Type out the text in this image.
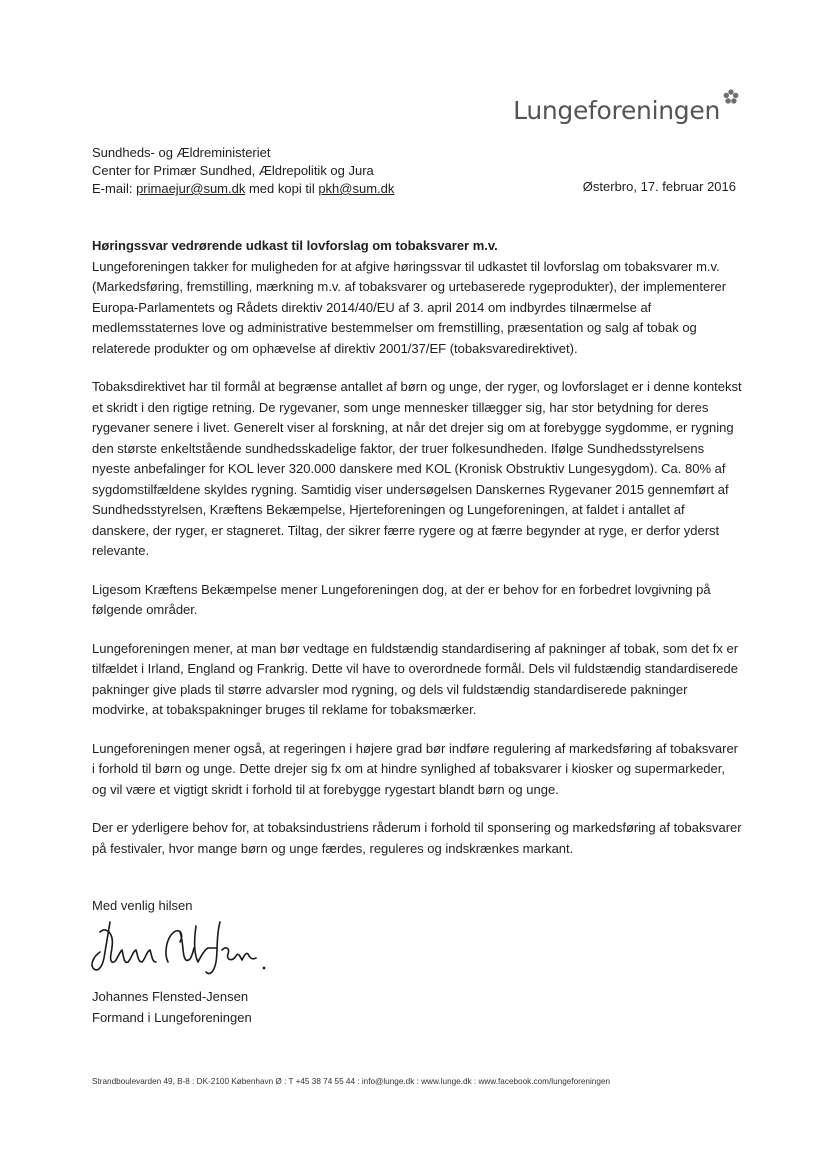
Lungeforeningen
Sundheds- og Ældreministeriet
Center for Primær Sundhed, Ældrepolitik og Jura
E-mail: primaejur@sum.dk med kopi til pkh@sum.dk	Østerbro, 17. februar 2016

Høringssvar vedrørende udkast til lovforslag om tobaksvarer m.v.

Lungeforeningen takker for muligheden for at afgive høringssvar til udkastet til lovforslag om tobaksvarer m.v. (Markedsføring, fremstilling, mærkning m.v. af tobaksvarer og urtebaserede rygeprodukter), der implementerer Europa-Parlamentets og Rådets direktiv 2014/40/EU af 3. april 2014 om indbyrdes tilnærmelse af medlemsstaternes love og administrative bestemmelser om fremstilling, præsentation og salg af tobak og relaterede produkter og om ophævelse af direktiv 2001/37/EF (tobaksvaredirektivet).

Tobaksdirektivet har til formål at begrænse antallet af børn og unge, der ryger, og lovforslaget er i denne kontekst et skridt i den rigtige retning. De rygevaner, som unge mennesker tillægger sig, har stor betydning for deres rygevaner senere i livet. Generelt viser al forskning, at når det drejer sig om at forebygge sygdomme, er rygning den største enkeltstående sundhedsskadelige faktor, der truer folkesundheden. Ifølge Sundhedsstyrelsens nyeste anbefalinger for KOL lever 320.000 danskere med KOL (Kronisk Obstruktiv Lungesygdom). Ca. 80% af sygdomstilfældene skyldes rygning. Samtidig viser undersøgelsen Danskernes Rygevaner 2015 gennemført af Sundhedsstyrelsen, Kræftens Bekæmpelse, Hjerteforeningen og Lungeforeningen, at faldet i antallet af danskere, der ryger, er stagneret. Tiltag, der sikrer færre rygere og at færre begynder at ryge, er derfor yderst relevante.

Ligesom Kræftens Bekæmpelse mener Lungeforeningen dog, at der er behov for en forbedret lovgivning på følgende områder.

Lungeforeningen mener, at man bør vedtage en fuldstændig standardisering af pakninger af tobak, som det fx er tilfældet i Irland, England og Frankrig. Dette vil have to overordnede formål. Dels vil fuldstændig standardiserede pakninger give plads til større advarsler mod rygning, og dels vil fuldstændig standardiserede pakninger modvirke, at tobakspakninger bruges til reklame for tobaksmærker.

Lungeforeningen mener også, at regeringen i højere grad bør indføre regulering af markedsføring af tobaksvarer i forhold til børn og unge. Dette drejer sig fx om at hindre synlighed af tobaksvarer i kiosker og supermarkeder, og vil være et vigtigt skridt i forhold til at forebygge rygestart blandt børn og unge.

Der er yderligere behov for, at tobaksindustriens råderum i forhold til sponsering og markedsføring af tobaksvarer på festivaler, hvor mange børn og unge færdes, reguleres og indskrænkes markant.

Med venlig hilsen
Johannes Flensted-Jensen
Formand i Lungeforeningen
Strandboulevarden 49, B-8 : DK-2100 København Ø : T +45 38 74 55 44 : info@lunge.dk : www.lunge.dk : www.facebook.com/lungeforeningen
